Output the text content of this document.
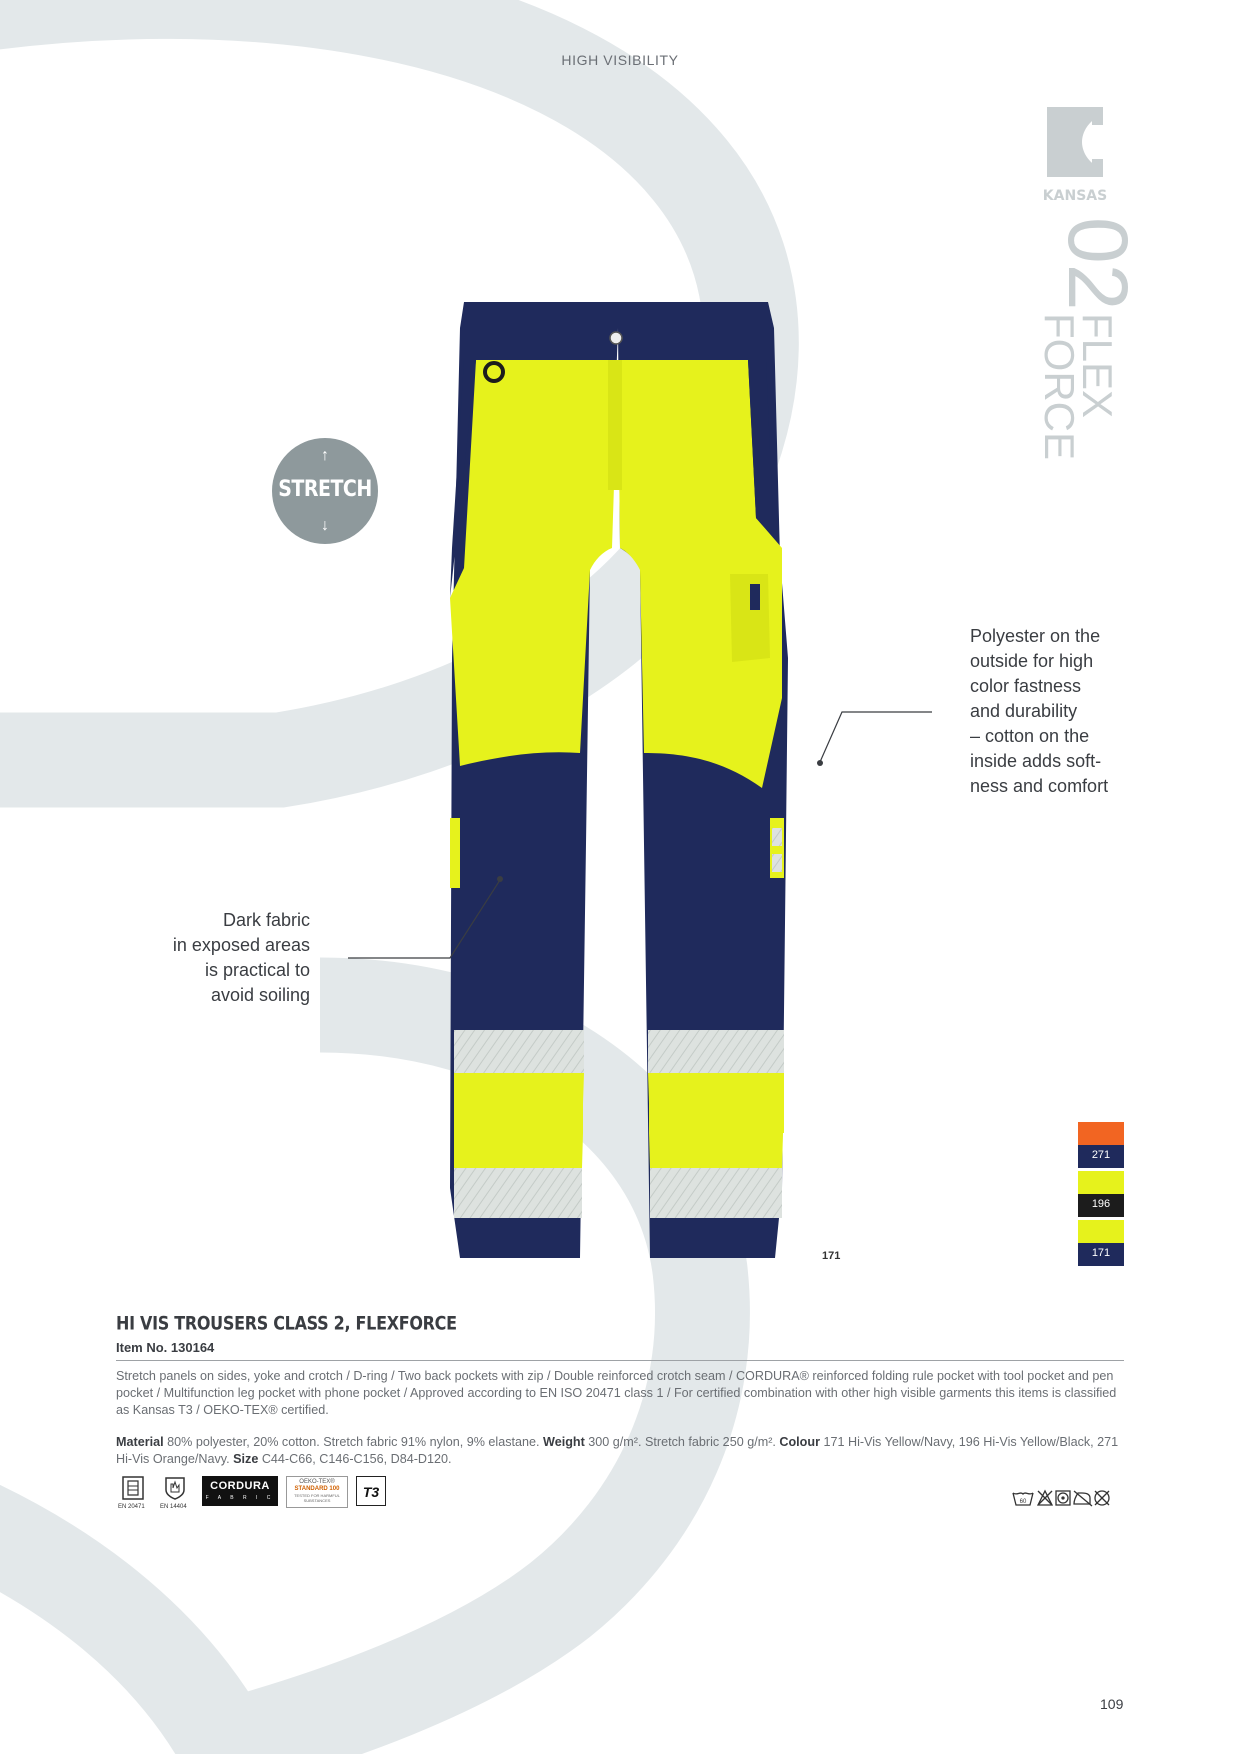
HIGH VISIBILITY
KANSAS
02
FLEX
FORCE
↑
STRETCH
↓
Polyester on the
outside for high
color fastness
and durability
– cotton on the
inside adds soft-
ness and comfort
Dark fabric
in exposed areas
is practical to
avoid soiling
171
271
196
171
HI VIS TROUSERS CLASS 2, FLEXFORCE
Item No. 130164
Stretch panels on sides, yoke and crotch / D-ring / Two back pockets with zip / Double reinforced crotch seam / CORDURA® reinforced folding rule pocket with tool pocket and pen pocket / Multifunction leg pocket with phone pocket / Approved according to EN ISO 20471 class 1 / For certified combination with other high visible garments this items is classified as Kansas T3 / OEKO-TEX® certified.
Material 80% polyester, 20% cotton. Stretch fabric 91% nylon, 9% elastane. Weight 300 g/m². Stretch fabric 250 g/m². Colour 171 Hi-Vis Yellow/Navy, 196 Hi-Vis Yellow/Black, 271 Hi-Vis Orange/Navy. Size C44-C66, C146-C156, D84-D120.
EN 20471	EN 14404
CORDURA
F A B R I C
OEKO-TEX®
STANDARD 100
TESTED FOR HARMFUL SUBSTANCES
T3
60
109
